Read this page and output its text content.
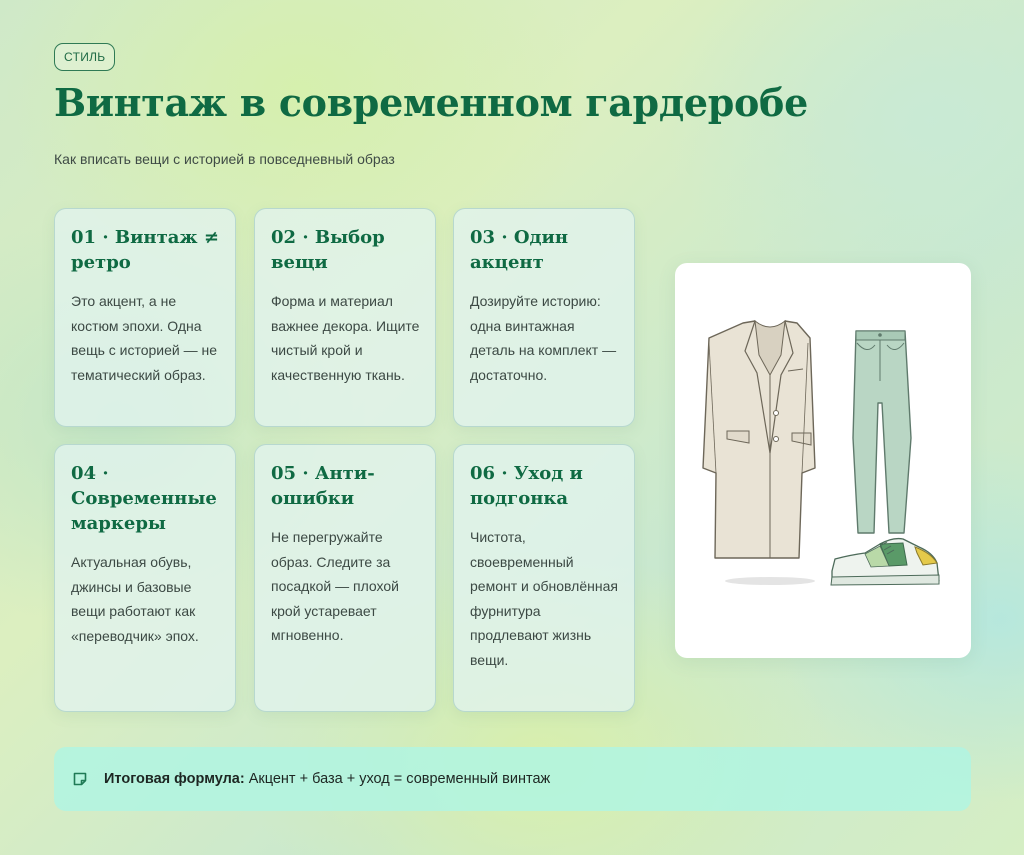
СТИЛЬ
Винтаж в современном гардеробе
Как вписать вещи с историей в повседневный образ
01 · Винтаж ≠ ретро

Это акцент, а не костюм эпохи. Одна вещь с историей — не тематический образ.

02 · Выбор вещи

Форма и материал важнее декора. Ищите чистый крой и качественную ткань.

03 · Один акцент

Дозируйте историю: одна винтажная деталь на комплект — достаточно.

04 · Современные маркеры

Актуальная обувь, джинсы и базовые вещи работают как «переводчик» эпох.

05 · Анти-ошибки

Не перегружайте образ. Следите за посадкой — плохой крой устаревает мгновенно.

06 · Уход и подгонка

Чистота, своевременный ремонт и обновлённая фурнитура продлевают жизнь вещи.

Итоговая формула: Акцент + база + уход = современный винтаж
